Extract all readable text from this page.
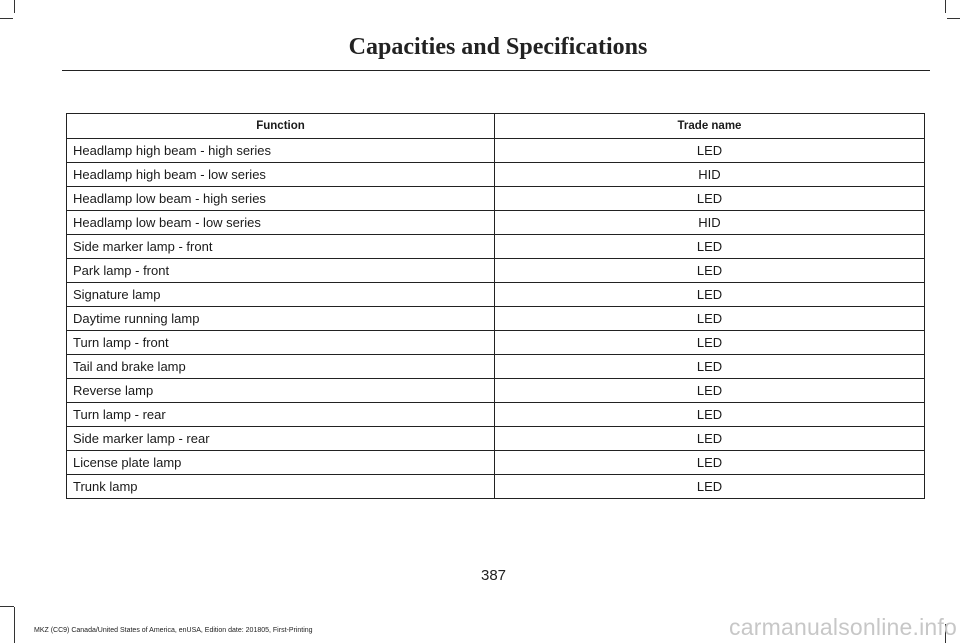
Capacities and Specifications
Function	Trade name
Headlamp high beam - high series	LED
Headlamp high beam - low series	HID
Headlamp low beam - high series	LED
Headlamp low beam - low series	HID
Side marker lamp - front	LED
Park lamp - front	LED
Signature lamp	LED
Daytime running lamp	LED
Turn lamp - front	LED
Tail and brake lamp	LED
Reverse lamp	LED
Turn lamp - rear	LED
Side marker lamp - rear	LED
License plate lamp	LED
Trunk lamp	LED
387
MKZ (CC9) Canada/United States of America, enUSA, Edition date: 201805, First-Printing	carmanualsonline.info
